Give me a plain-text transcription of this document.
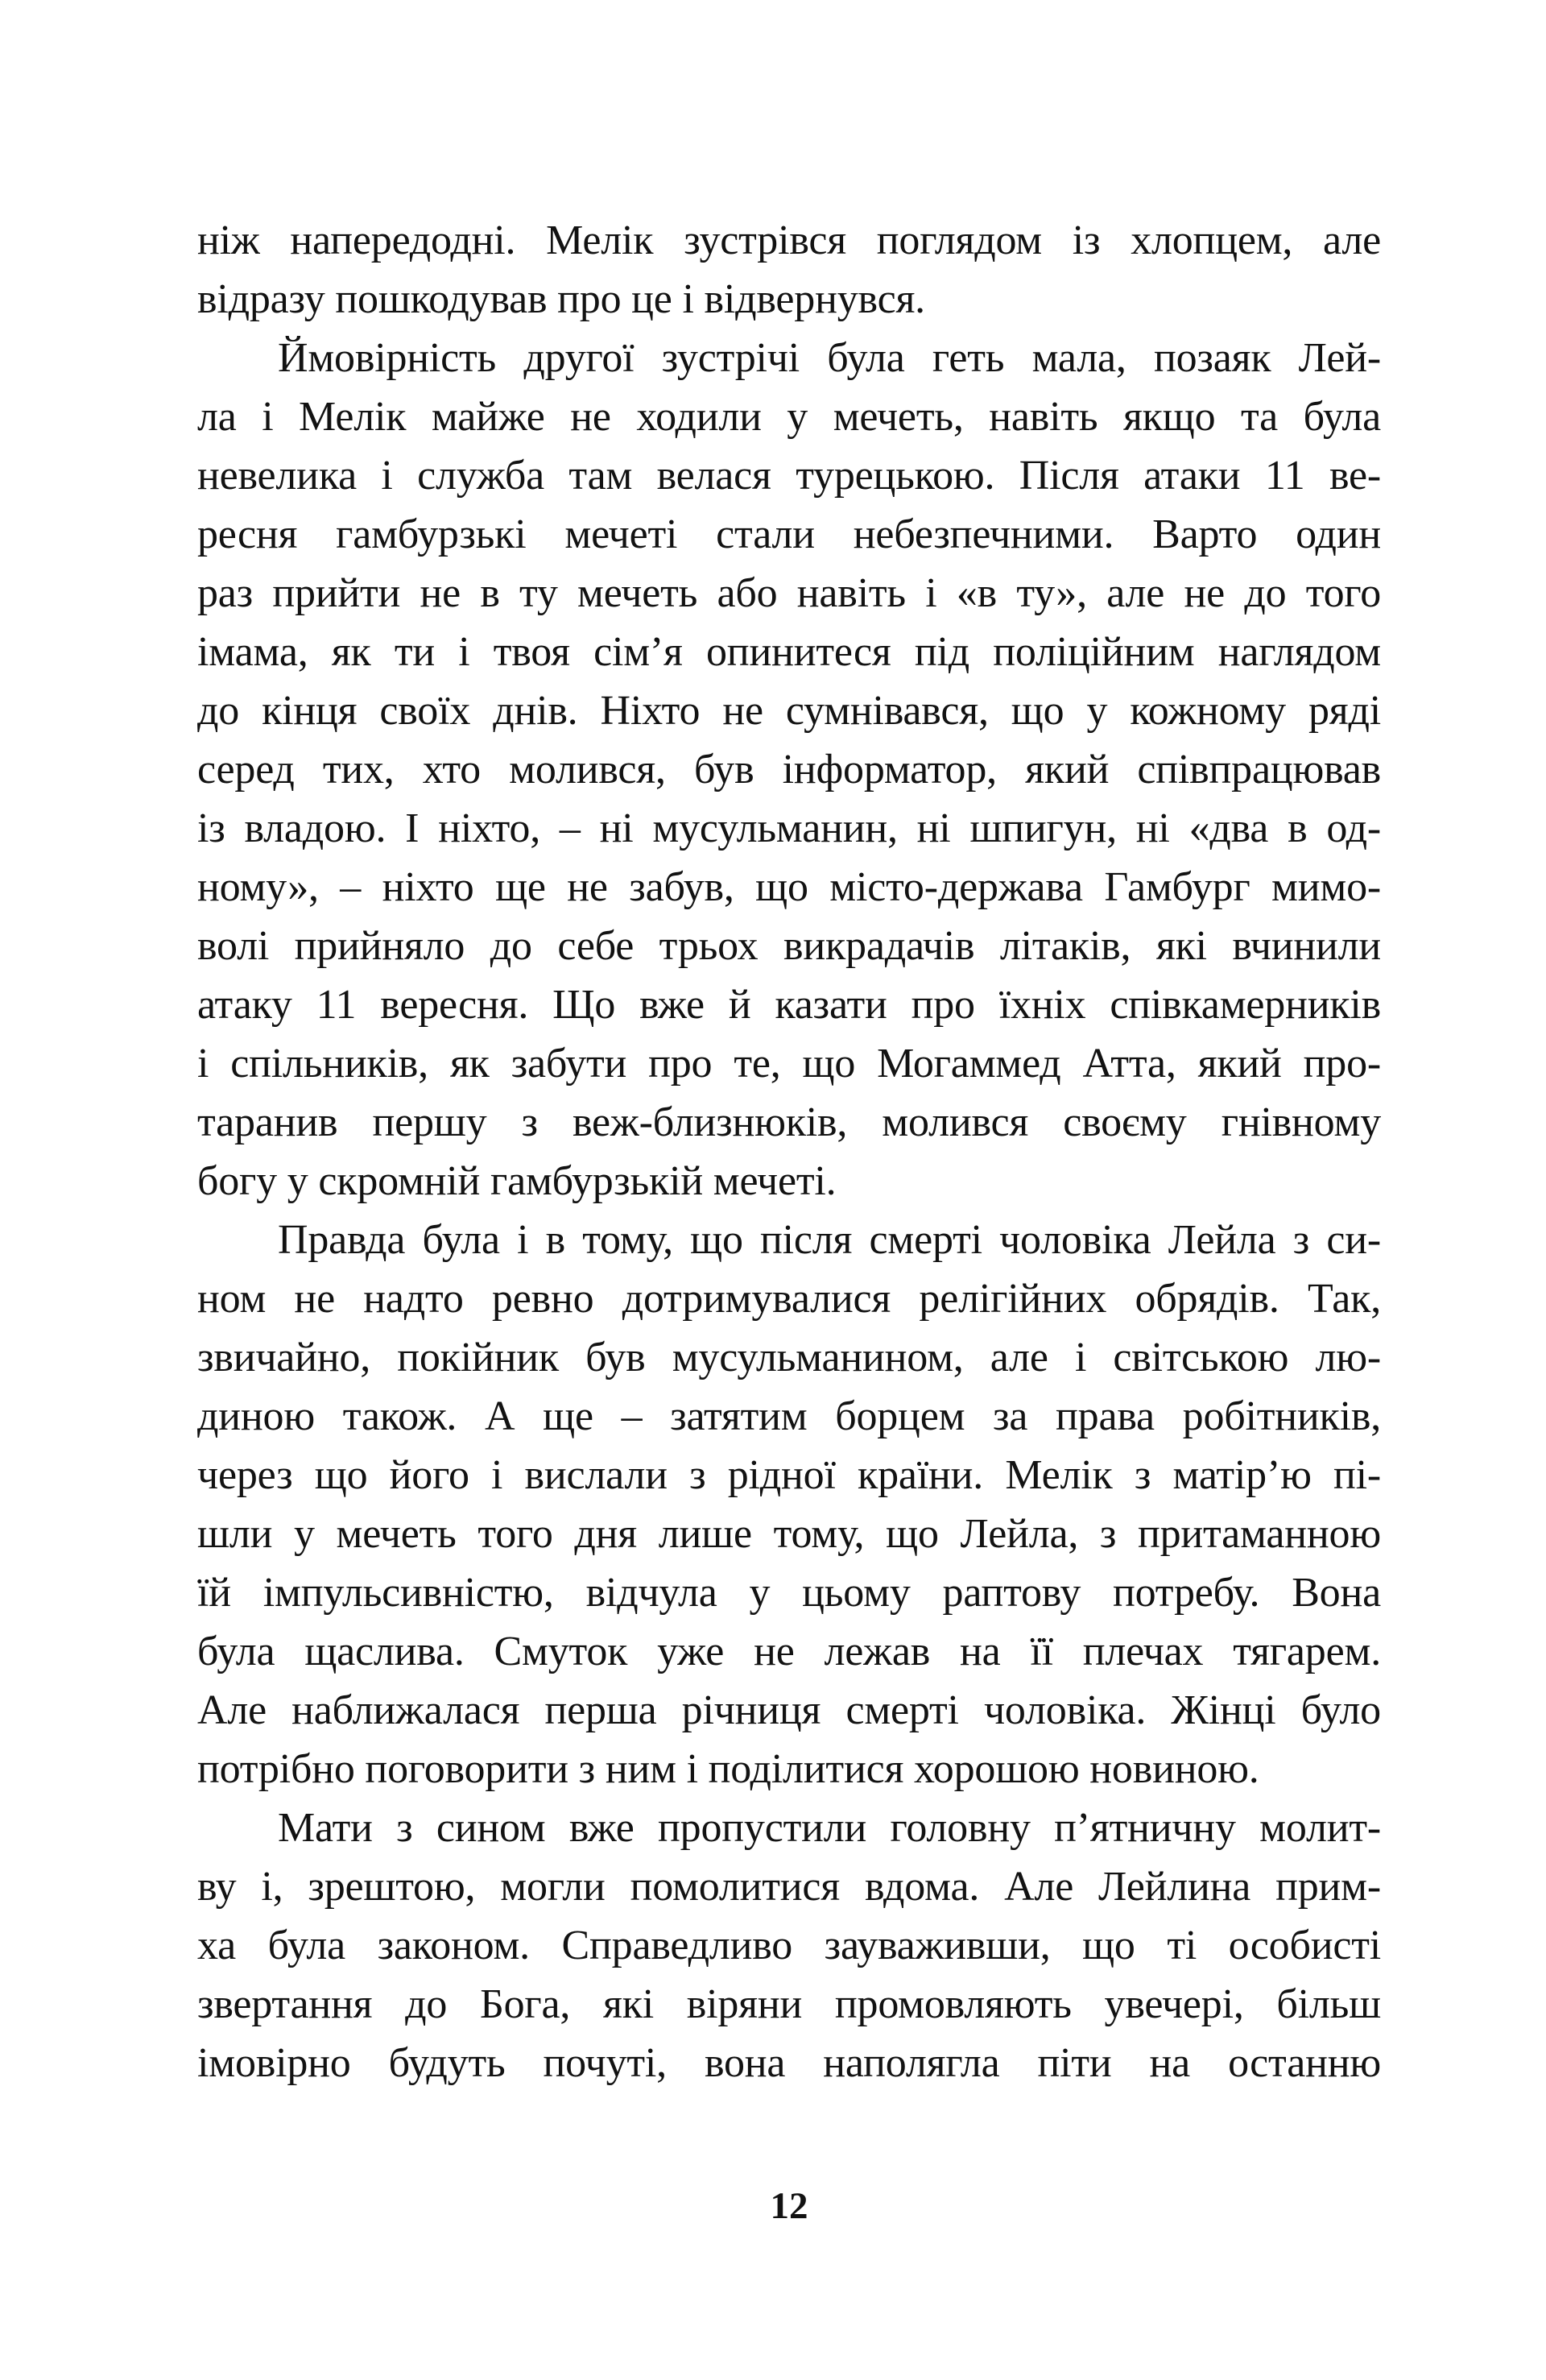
ніж напередодні. Мелік зустрівся поглядом із хлопцем, але
відразу пошкодував про це і відвернувся.
Ймовірність другої зустрічі була геть мала, позаяк Лей-
ла і Мелік майже не ходили у мечеть, навіть якщо та була
невелика і служба там велася турецькою. Після атаки 11 ве-
ресня гамбурзькі мечеті стали небезпечними. Варто один
раз прийти не в ту мечеть або навіть і «в ту», але не до того
імама, як ти і твоя сім’я опинитеся під поліційним наглядом
до кінця своїх днів. Ніхто не сумнівався, що у кожному ряді
серед тих, хто молився, був інформатор, який співпрацював
із владою. І ніхто, – ні мусульманин, ні шпигун, ні «два в од-
ному», – ніхто ще не забув, що місто-держава Гамбург мимо-
волі прийняло до себе трьох викрадачів літаків, які вчинили
атаку 11 вересня. Що вже й казати про їхніх співкамерників
і спільників, як забути про те, що Могаммед Атта, який про-
таранив першу з веж-близнюків, молився своєму гнівному
богу у скромній гамбурзькій мечеті.
Правда була і в тому, що після смерті чоловіка Лейла з си-
ном не надто ревно дотримувалися релігійних обрядів. Так,
звичайно, покійник був мусульманином, але і світською лю-
диною також. А ще – затятим борцем за права робітників,
через що його і вислали з рідної країни. Мелік з матір’ю пі-
шли у мечеть того дня лише тому, що Лейла, з притаманною
їй імпульсивністю, відчула у цьому раптову потребу. Вона
була щаслива. Смуток уже не лежав на її плечах тягарем.
Але наближалася перша річниця смерті чоловіка. Жінці було
потрібно поговорити з ним і поділитися хорошою новиною.
Мати з сином вже пропустили головну п’ятничну молит-
ву і, зрештою, могли помолитися вдома. Але Лейлина прим-
ха була законом. Справедливо зауваживши, що ті особисті
звертання до Бога, які віряни промовляють увечері, більш
імовірно будуть почуті, вона наполягла піти на останню
12
